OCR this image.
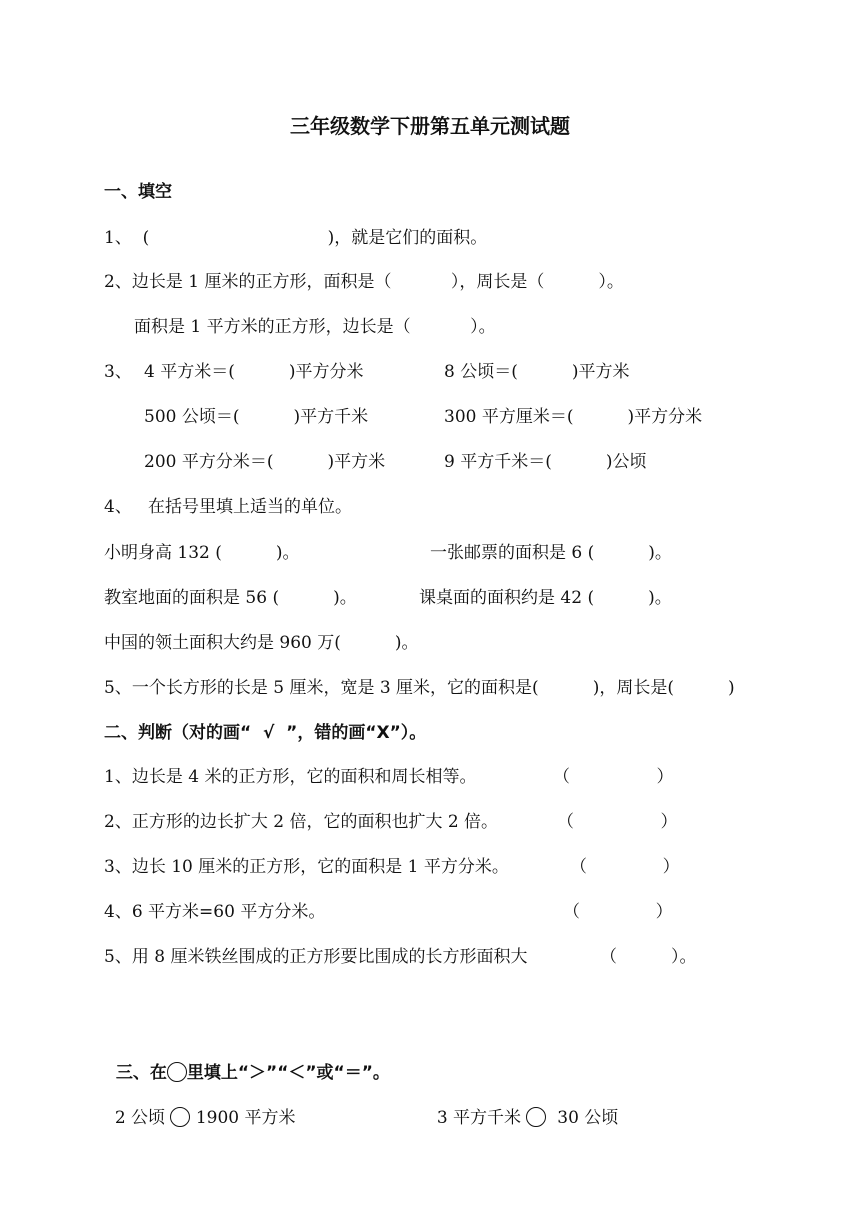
三年级数学下册第五单元测试题
一、填空
1、  (                                 )，就是它们的面积。
2、边长是 1 厘米的正方形，面积是（           ），周长是（          ）。
面积是 1 平方米的正方形，边长是（           ）。
3、 4 平方米＝(          )平方分米	8 公顷＝(          )平方米
500 公顷＝(          )平方千米	300 平方厘米＝(          )平方分米
200 平方分米＝(          )平方米	9 平方千米＝(          )公顷
4、   在括号里填上适当的单位。
小明身高 132 (          )。	一张邮票的面积是 6 (          )。
教室地面的面积是 56 (          )。	课桌面的面积约是 42 (          )。
中国的领土面积大约是 960 万(          )。
5、一个长方形的长是 5 厘米，宽是 3 厘米，它的面积是(          )，周长是(          )
二、判断（对的画“  √  ”，错的画“X”）。
1、边长是 4 米的正方形，它的面积和周长相等。	（                ）
2、正方形的边长扩大 2 倍，它的面积也扩大 2 倍。	（                ）
3、边长 10 厘米的正方形，它的面积是 1 平方分米。	（              ）
4、6 平方米=60 平方分米。	（              ）
5、用 8 厘米铁丝围成的正方形要比围成的长方形面积大	（          ）。

三、在 里填上“＞”“＜”或“＝”。

2 公顷 1900 平方米	3 平方千米 30 公顷
